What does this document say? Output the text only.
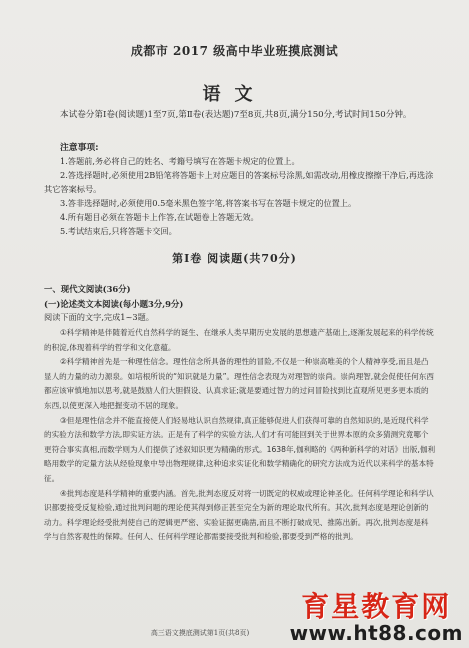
成都市 2017 级高中毕业班摸底测试
语文
本试卷分第Ⅰ卷(阅读题)1至7页,第Ⅱ卷(表达题)7至8页,共8页,满分150分,考试时间150分钟。
注意事项:

1.答题前,务必将自己的姓名、考籍号填写在答题卡规定的位置上。

2.答选择题时,必须使用2B铅笔将答题卡上对应题目的答案标号涂黑,如需改动,用橡皮擦擦干净后,再选涂其它答案标号。

3.答非选择题时,必须使用0.5毫米黑色签字笔,将答案书写在答题卡规定的位置上。

4.所有题目必须在答题卡上作答,在试题卷上答题无效。

5.考试结束后,只将答题卡交回。

第Ⅰ卷 阅读题(共70分)
一、现代文阅读(36分)
(一)论述类文本阅读(每小题3分,9分)
阅读下面的文字,完成1~3题。

①科学精神是伴随着近代自然科学的诞生、在继承人类早期历史发展的思想遗产基础上,逐渐发展起来的科学传统的积淀,体现着科学的哲学和文化意蕴。

②科学精神首先是一种理性信念。理性信念所具备的理性的冒险,不仅是一种崇高唯美的个人精神享受,而且是凸显人的力量的动力源泉。如培根所说的“知识就是力量”。理性信念表现为对理智的崇尚。崇尚理智,就会促使任何东西都应该审慎地加以思考,就是鼓励人们大胆假设、认真求证;就是要通过智力的过问冒险找到比直观所见更多更本质的东西,以使更深入地把握变动不居的现象。

③但是理性信念并不能直接使人们轻易地认识自然规律,真正能够促进人们获得可靠的自然知识的,是近现代科学的实验方法和数学方法,即实证方法。正是有了科学的实验方法,人们才有可能回到关于世界本原的众多猜测究竟哪个更符合事实真相,而数学则为人们提供了述叙知识更为精确的形式。1638年,伽利略的《两种新科学的对话》出版,伽利略用数学的定量方法从经验现象中导出物理规律,这种追求实证化和数学精确化的研究方法成为近代以来科学的基本特征。

④批判态度是科学精神的重要内涵。首先,批判态度反对将一切既定的权威或理论神圣化。任何科学理论和科学认识都要接受反复检验,通过批判问题的理论使其得到修正甚至完全为新的理论取代所有。其次,批判态度是理论创新的动力。科学理论经受批判使自己的逻辑更严密、实验证据更确凿,而且不断打破成见、推陈出新。再次,批判态度是科学与自然客观性的保障。任何人、任何科学理论都需要接受批判和检验,都要受到严格的批判。

高三语文摸底测试第1页(共8页)
育星教育网
www.ht88.com
